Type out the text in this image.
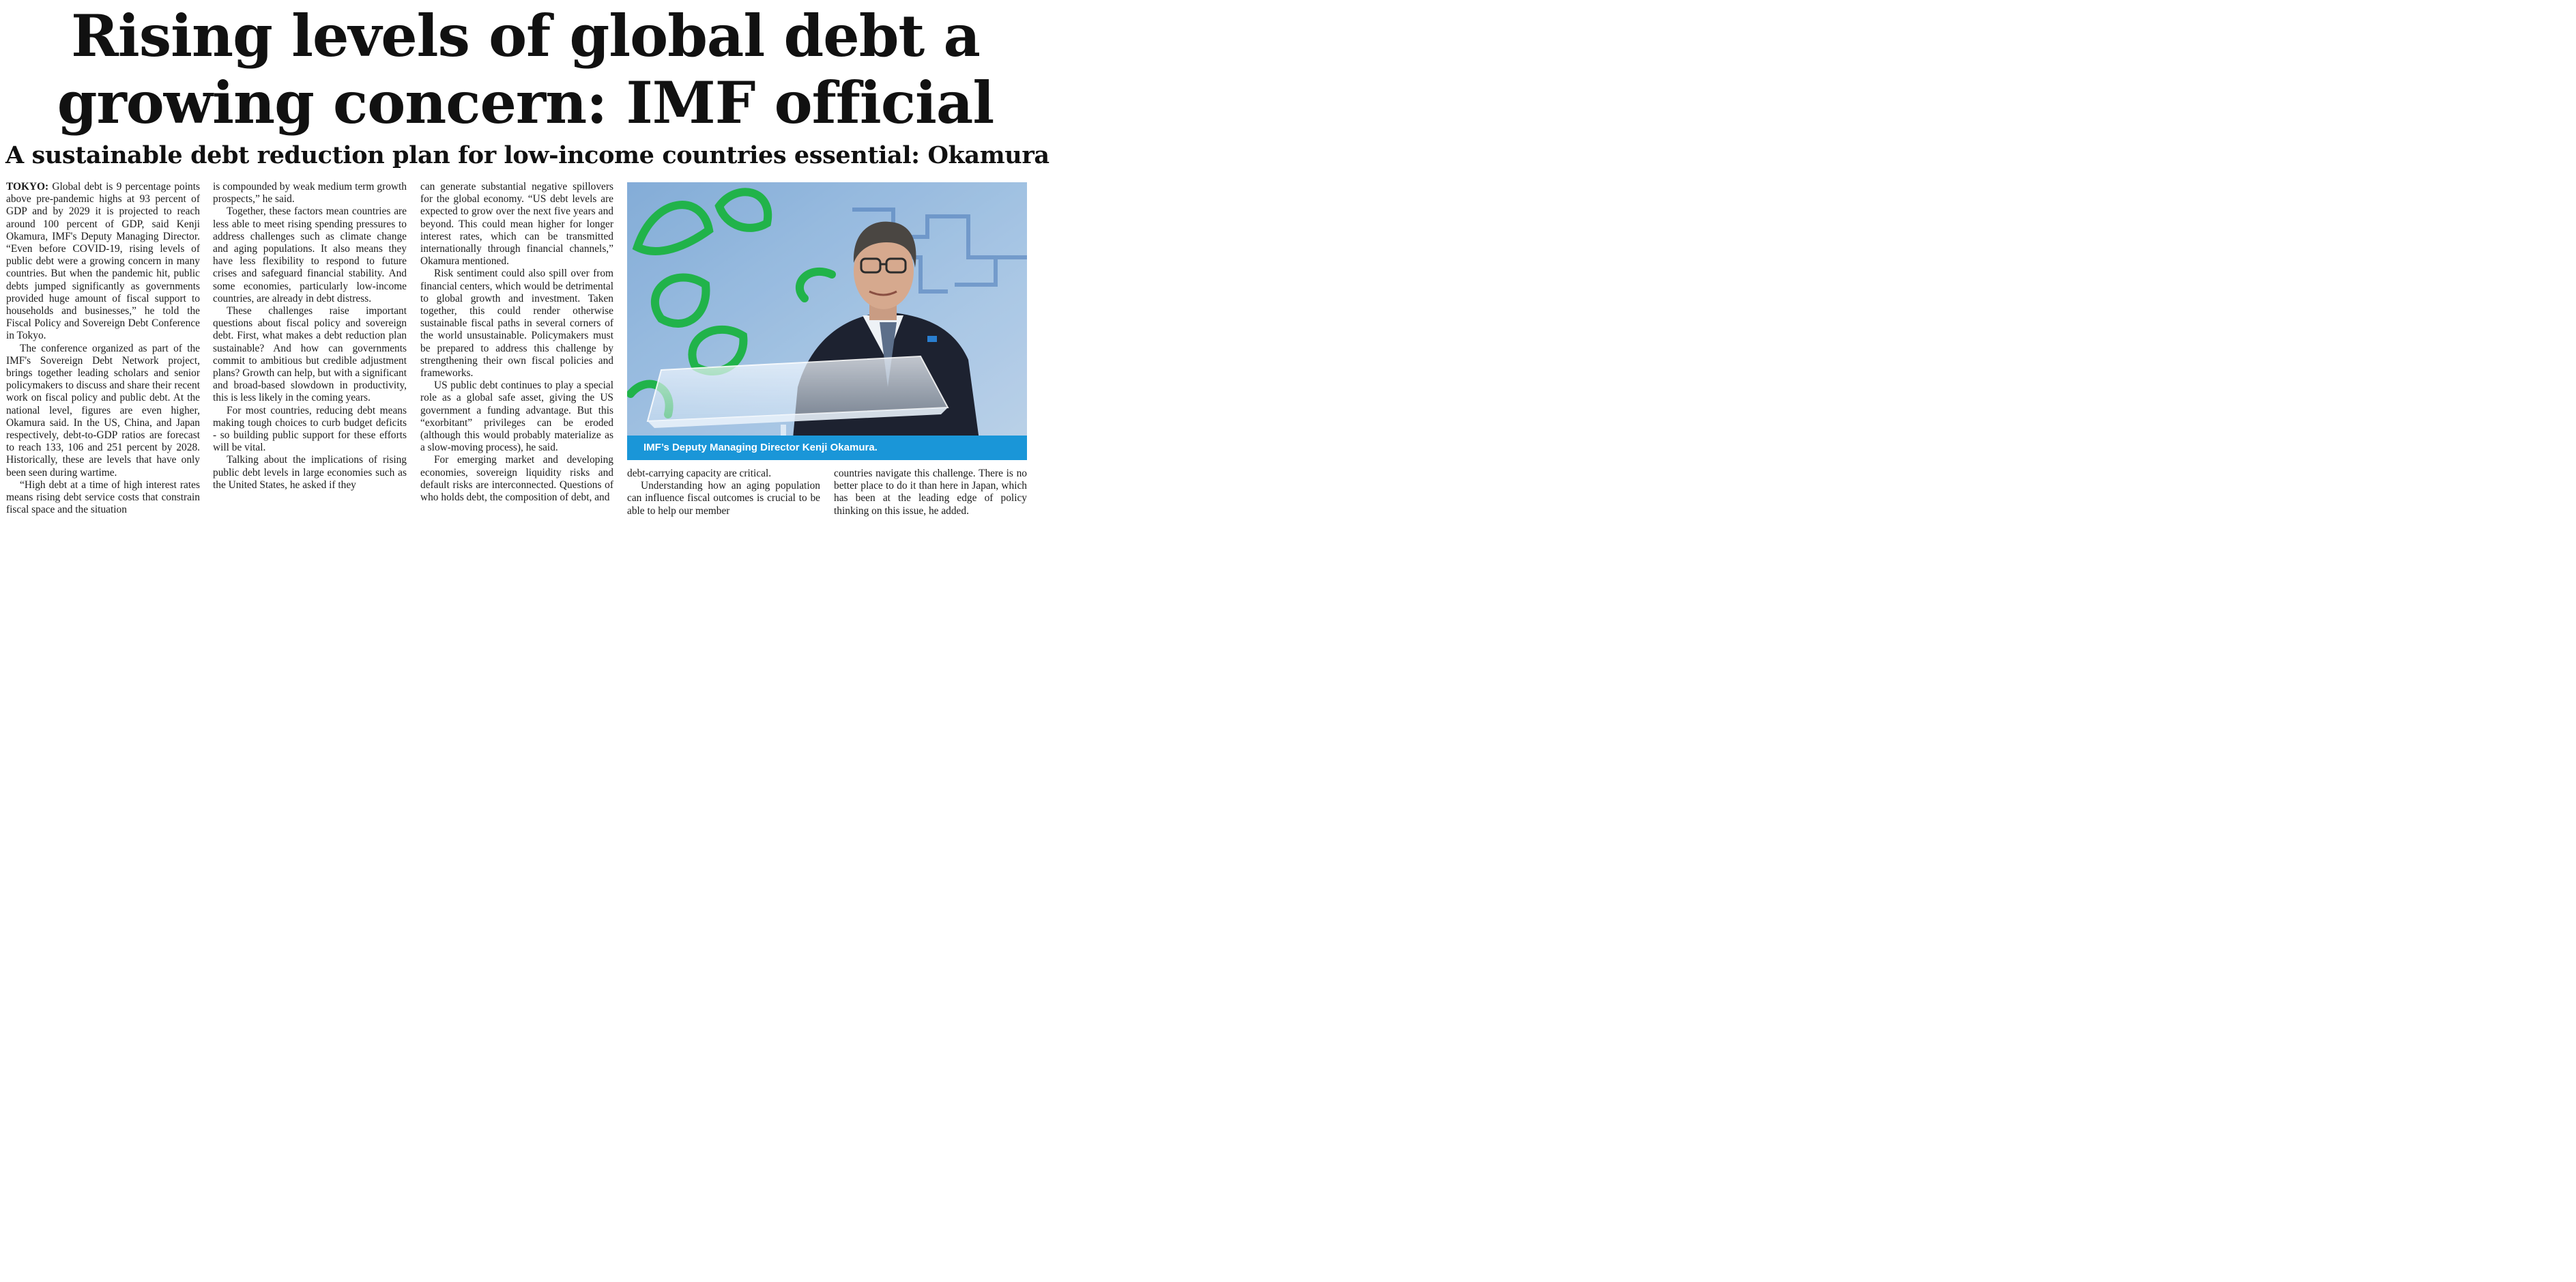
Rising levels of global debt a
growing concern: IMF official
A sustainable debt reduction plan for low-income countries essential: Okamura

TOKYO: Global debt is 9 percentage points above pre-pandemic highs at 93 percent of GDP and by 2029 it is projected to reach around 100 percent of GDP, said Kenji Okamura, IMF's Deputy Managing Director. “Even before COVID-19, rising levels of public debt were a growing concern in many countries. But when the pandemic hit, public debts jumped significantly as governments provided huge amount of fiscal support to households and businesses,” he told the Fiscal Policy and Sovereign Debt Conference in Tokyo.

The conference organized as part of the IMF's Sovereign Debt Network project, brings together leading scholars and senior policymakers to discuss and share their recent work on fiscal policy and public debt. At the national level, figures are even higher, Okamura said. In the US, China, and Japan respectively, debt-to-GDP ratios are forecast to reach 133, 106 and 251 percent by 2028. Historically, these are levels that have only been seen during wartime.

“High debt at a time of high interest rates means rising debt service costs that constrain fiscal space and the situation

is compounded by weak medium term growth prospects,” he said.

Together, these factors mean countries are less able to meet rising spending pressures to address challenges such as climate change and aging populations. It also means they have less flexibility to respond to future crises and safeguard financial stability. And some economies, particularly low-income countries, are already in debt distress.

These challenges raise important questions about fiscal policy and sovereign debt. First, what makes a debt reduction plan sustainable? And how can governments commit to ambitious but credible adjustment plans? Growth can help, but with a significant and broad-based slowdown in productivity, this is less likely in the coming years.

For most countries, reducing debt means making tough choices to curb budget deficits - so building public support for these efforts will be vital.

Talking about the implications of rising public debt levels in large economies such as the United States, he asked if they

can generate substantial negative spillovers for the global economy. “US debt levels are expected to grow over the next five years and beyond. This could mean higher for longer interest rates, which can be transmitted internationally through financial channels,” Okamura mentioned.

Risk sentiment could also spill over from financial centers, which would be detrimental to global growth and investment. Taken together, this could render otherwise sustainable fiscal paths in several corners of the world unsustainable. Policymakers must be prepared to address this challenge by strengthening their own fiscal policies and frameworks.

US public debt continues to play a special role as a global safe asset, giving the US government a funding advantage. But this “exorbitant” privileges can be eroded (although this would probably materialize as a slow-moving process), he said.

For emerging market and developing economies, sovereign liquidity risks and default risks are interconnected. Questions of who holds debt, the composition of debt, and

IMF’s Deputy Managing Director Kenji Okamura.

debt-carrying capacity are critical.

Understanding how an aging population can influence fiscal outcomes is crucial to be able to help our member

countries navigate this challenge. There is no better place to do it than here in Japan, which has been at the leading edge of policy thinking on this issue, he added.
